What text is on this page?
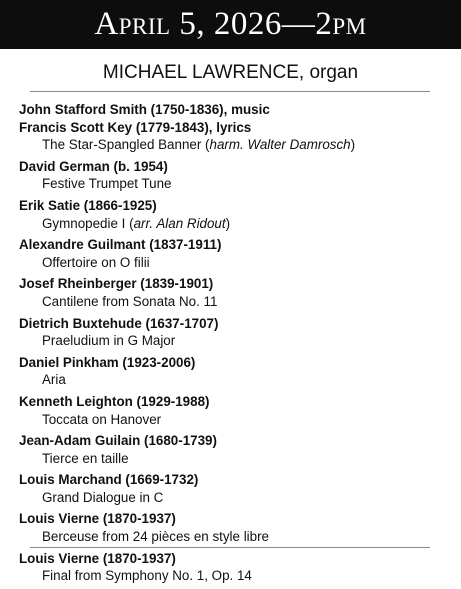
April 5, 2026—2pm
MICHAEL LAWRENCE, organ
John Stafford Smith (1750-1836), music
Francis Scott Key (1779-1843), lyrics
The Star-Spangled Banner (harm. Walter Damrosch)
David German (b. 1954)
Festive Trumpet Tune
Erik Satie (1866-1925)
Gymnopedie I (arr. Alan Ridout)
Alexandre Guilmant (1837-1911)
Offertoire on O filii
Josef Rheinberger (1839-1901)
Cantilene from Sonata No. 11
Dietrich Buxtehude (1637-1707)
Praeludium in G Major
Daniel Pinkham (1923-2006)
Aria
Kenneth Leighton (1929-1988)
Toccata on Hanover
Jean-Adam Guilain (1680-1739)
Tierce en taille
Louis Marchand (1669-1732)
Grand Dialogue in C
Louis Vierne (1870-1937)
Berceuse from 24 pièces en style libre
Louis Vierne (1870-1937)
Final from Symphony No. 1, Op. 14
